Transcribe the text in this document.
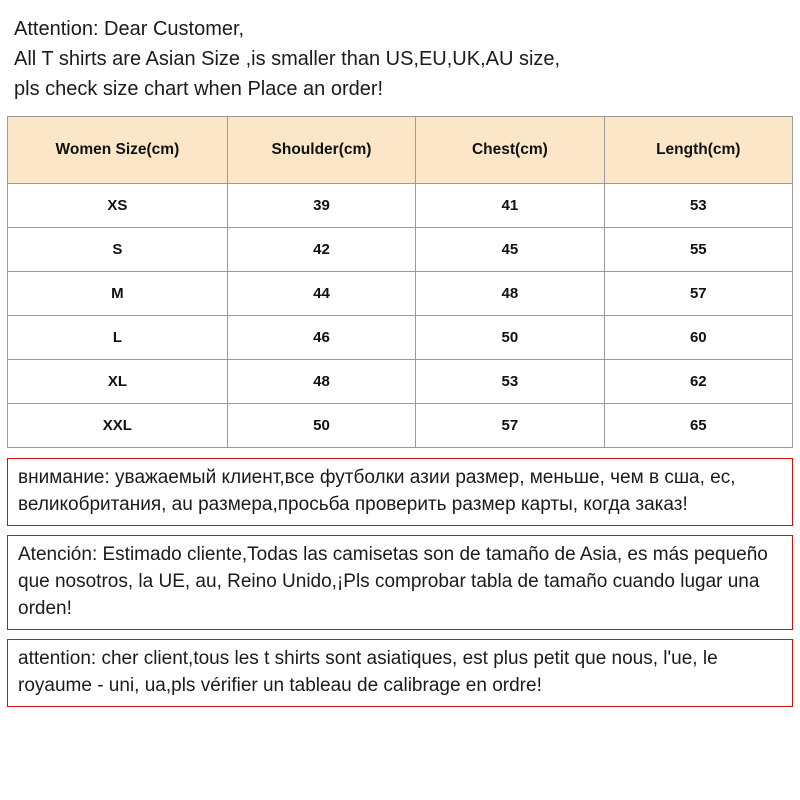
Attention: Dear Customer,
All T shirts are Asian Size ,is smaller than US,EU,UK,AU size,
pls check size chart when Place an order!
Women Size(cm)	Shoulder(cm)	Chest(cm)	Length(cm)
XS	39	41	53
S	42	45	55
M	44	48	57
L	46	50	60
XL	48	53	62
XXL	50	57	65

внимание: уважаемый клиент,все футболки азии размер, меньше, чем в сша, ес, великобритания, au размера,просьба проверить размер карты, когда заказ!

Atención: Estimado cliente,Todas las camisetas son de tamaño de Asia, es más pequeño que nosotros, la UE, au, Reino Unido,¡Pls comprobar tabla de tamaño cuando lugar una orden!

attention: cher client,tous les t shirts sont asiatiques, est plus petit que nous, l'ue, le royaume - uni, ua,pls vérifier un tableau de calibrage en ordre!
